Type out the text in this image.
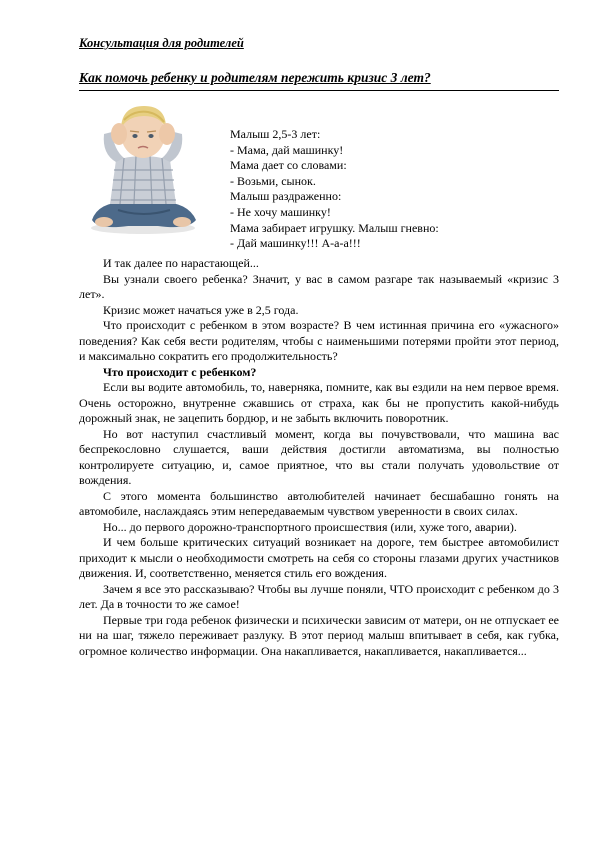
Консультация для родителей
Как помочь ребенку и родителям пережить кризис 3 лет?
Малыш 2,5-3 лет:
- Мама, дай машинку!
Мама дает со словами:
- Возьми, сынок.
Малыш раздраженно:
- Не хочу машинку!
Мама забирает игрушку. Малыш гневно:
- Дай машинку!!! А-а-а!!!

И так далее по нарастающей...

Вы узнали своего ребенка? Значит, у вас в самом разгаре так называемый «кризис 3 лет».

Кризис может начаться уже в 2,5 года.

Что происходит с ребенком в этом возрасте? В чем истинная причина его «ужасного» поведения? Как себя вести родителям, чтобы с наименьшими потерями пройти этот период, и максимально сократить его продолжительность?

Что происходит с ребенком?

Если вы водите автомобиль, то, наверняка, помните, как вы ездили на нем первое время. Очень осторожно, внутренне сжавшись от страха, как бы не пропустить какой-нибудь дорожный знак, не зацепить бордюр, и не забыть включить поворотник.

Но вот наступил счастливый момент, когда вы почувствовали, что машина вас беспрекословно слушается, ваши действия достигли автоматизма, вы полностью контролируете ситуацию, и, самое приятное, что вы стали получать удовольствие от вождения.

С этого момента большинство автолюбителей начинает бесшабашно гонять на автомобиле, наслаждаясь этим непередаваемым чувством уверенности в своих силах.

Но... до первого дорожно-транспортного происшествия (или, хуже того, аварии).

И чем больше критических ситуаций возникает на дороге, тем быстрее автомобилист приходит к мысли о необходимости смотреть на себя со стороны глазами других участников движения. И, соответственно, меняется стиль его вождения.

Зачем я все это рассказываю? Чтобы вы лучше поняли, ЧТО происходит с ребенком до 3 лет. Да в точности то же самое!

Первые три года ребенок физически и психически зависим от матери, он не отпускает ее ни на шаг, тяжело переживает разлуку. В этот период малыш впитывает в себя, как губка, огромное количество информации. Она накапливается, накапливается, накапливается...
